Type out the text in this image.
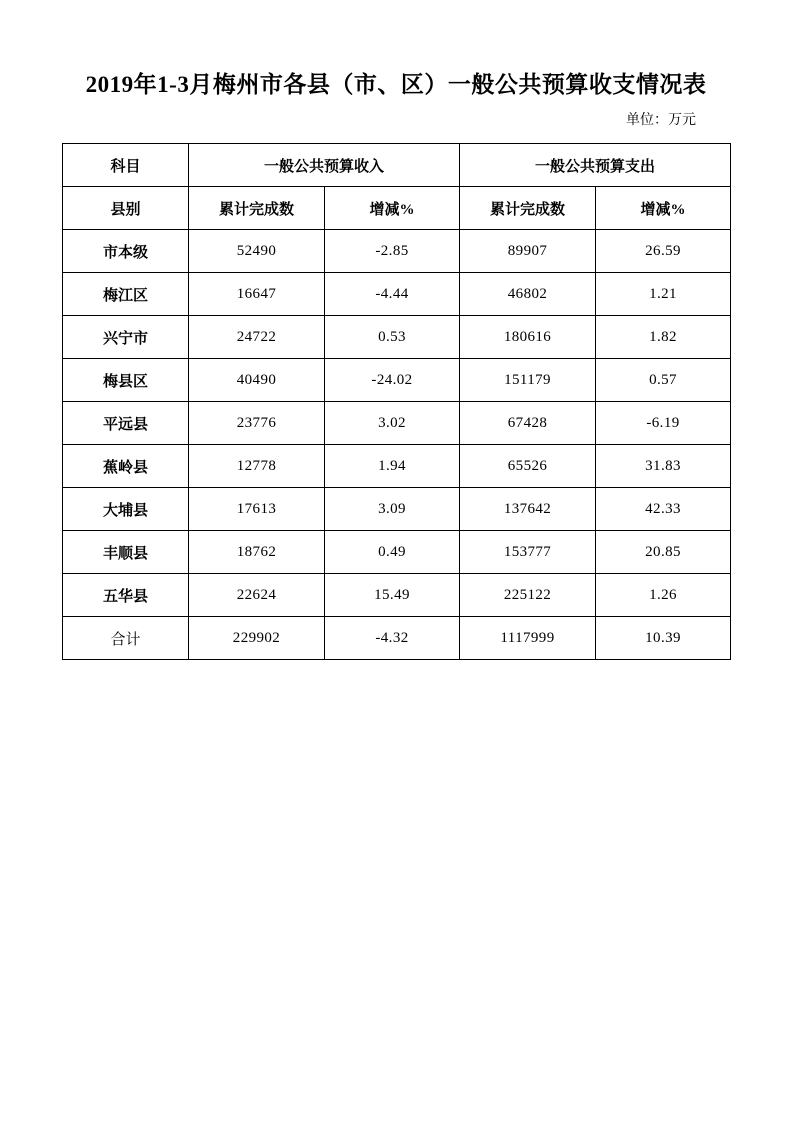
2019年1-3月梅州市各县（市、区）一般公共预算收支情况表
单位：万元
科目	一般公共预算收入		一般公共预算支出	
县别	累计完成数	增减%	累计完成数	增减%
市本级	52490	-2.85	89907	26.59
梅江区	16647	-4.44	46802	1.21
兴宁市	24722	0.53	180616	1.82
梅县区	40490	-24.02	151179	0.57
平远县	23776	3.02	67428	-6.19
蕉岭县	12778	1.94	65526	31.83
大埔县	17613	3.09	137642	42.33
丰顺县	18762	0.49	153777	20.85
五华县	22624	15.49	225122	1.26
合计	229902	-4.32	1117999	10.39
